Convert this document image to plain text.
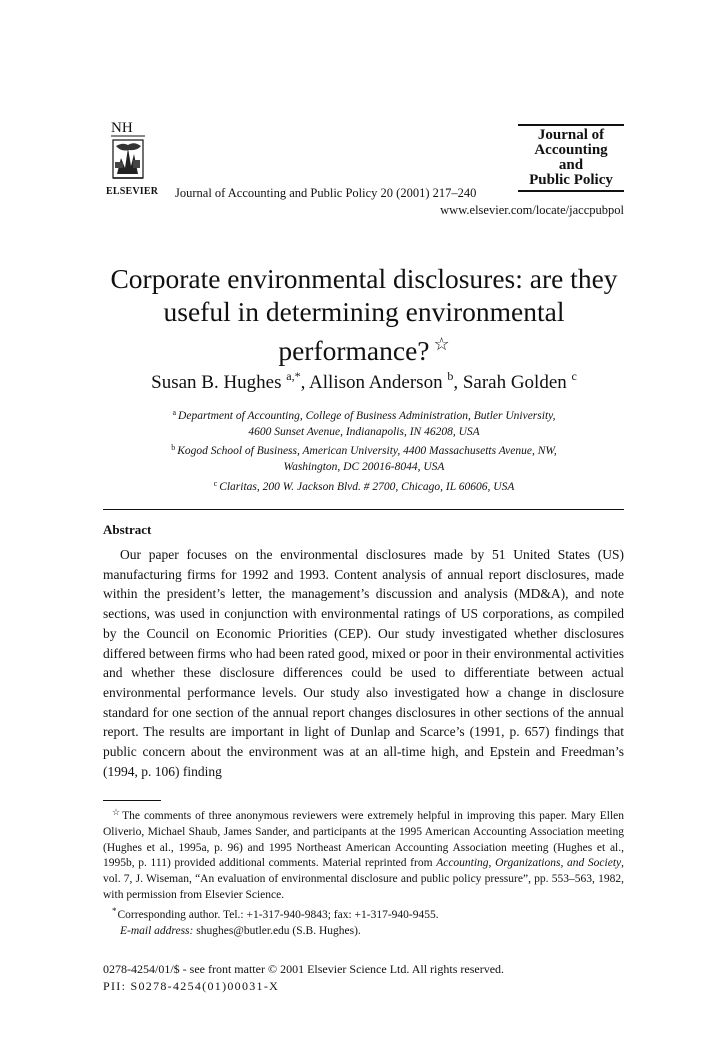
NH
ELSEVIER Journal of Accounting and Public Policy 20 (2001) 217–240
www.elsevier.com/locate/jaccpubpol
Journal of
Accounting
and
Public Policy
Corporate environmental disclosures: are they
useful in determining environmental
performance? ☆
Susan B. Hughes $^{a,*}$, Allison Anderson $^b$, Sarah Golden $^c$
$^a$ Department of Accounting, College of Business Administration, Butler University,
4600 Sunset Avenue, Indianapolis, IN 46208, USA
$^b$ Kogod School of Business, American University, 4400 Massachusetts Avenue, NW,
Washington, DC 20016-8044, USA
$^c$ Claritas, 200 W. Jackson Blvd. # 2700, Chicago, IL 60606, USA
Abstract

Our paper focuses on the environmental disclosures made by 51 United States (US) manufacturing firms for 1992 and 1993. Content analysis of annual report disclosures, made within the president’s letter, the management’s discussion and analysis (MD&A), and note sections, was used in conjunction with environmental ratings of US corporations, as compiled by the Council on Economic Priorities (CEP). Our study investigated whether disclosures differed between firms who had been rated good, mixed or poor in their environmental activities and whether these disclosure differences could be used to differentiate between actual environmental performance levels. Our study also investigated how a change in disclosure standard for one section of the annual report changes disclosures in other sections of the annual report. The results are important in light of Dunlap and Scarce’s (1991, p. 657) findings that public concern about the environment was at an all-time high, and Epstein and Freedman’s (1994, p. 106) finding

☆The comments of three anonymous reviewers were extremely helpful in improving this paper. Mary Ellen Oliverio, Michael Shaub, James Sander, and participants at the 1995 American Accounting Association meeting (Hughes et al., 1995a, p. 96) and 1995 Northeast American Accounting Association meeting (Hughes et al., 1995b, p. 111) provided additional comments. Material reprinted from Accounting, Organizations, and Society, vol. 7, J. Wiseman, “An evaluation of environmental disclosure and public policy pressure”, pp. 553–563, 1982, with permission from Elsevier Science.

*Corresponding author. Tel.: +1-317-940-9843; fax: +1-317-940-9455.

E-mail address: shughes@butler.edu (S.B. Hughes).

0278-4254/01/$ - see front matter © 2001 Elsevier Science Ltd. All rights reserved.
PII: S0278-4254(01)00031-X
